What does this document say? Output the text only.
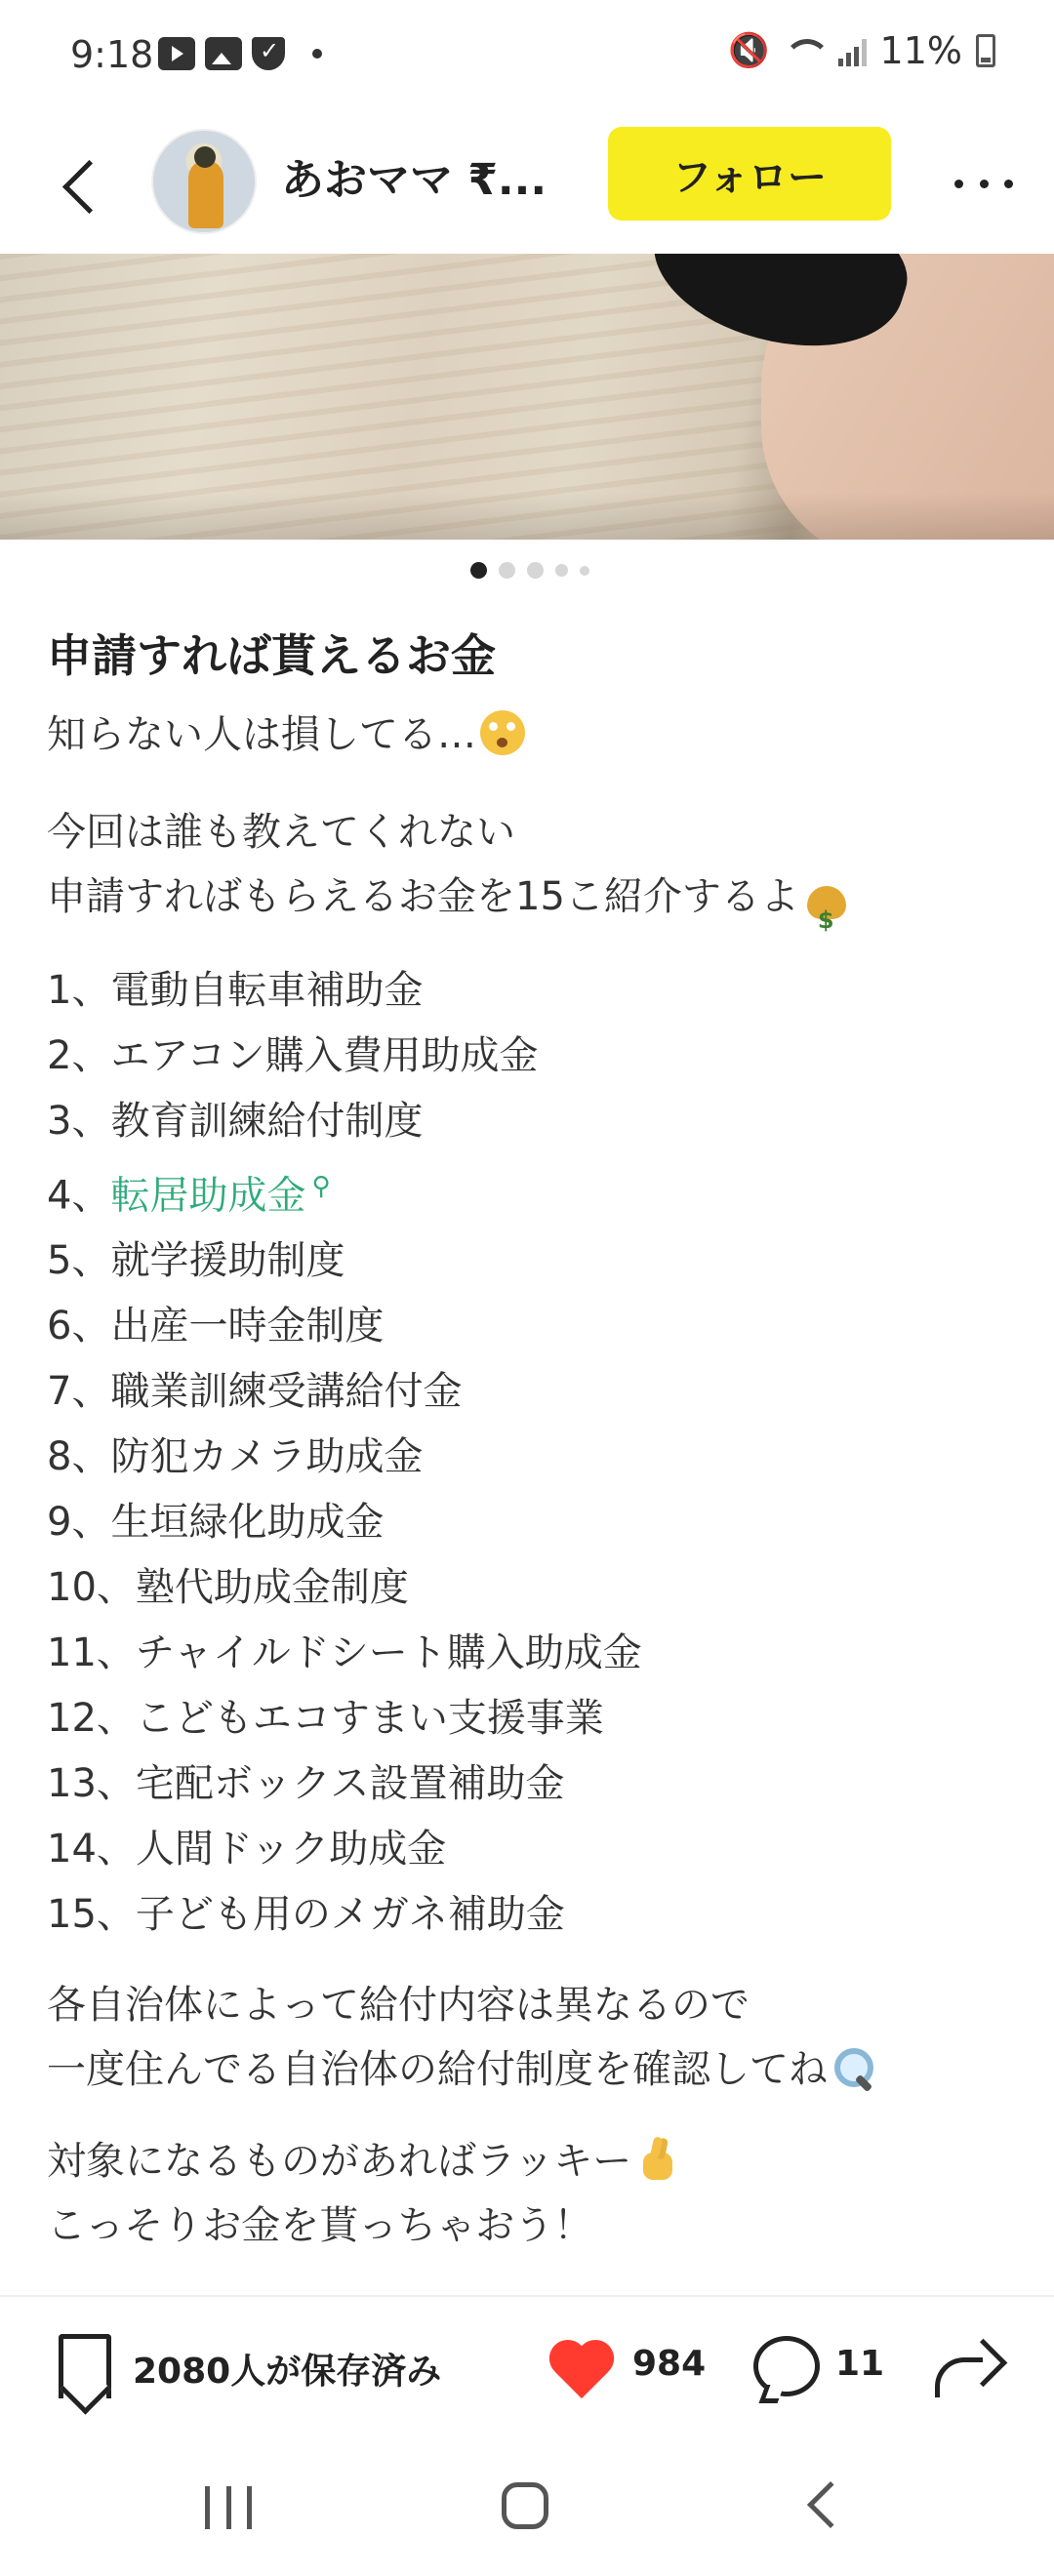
9:18
✓	🔇	11%
あおママ ₹...	フォロー
申請すれば貰えるお金
知らない人は損してる…
今回は誰も教えてくれない
申請すればもらえるお金を15こ紹介するよ$
1、電動自転車補助金
2、エアコン購入費用助成金
3、教育訓練給付制度
4、転居助成金 ⚲
5、就学援助制度
6、出産一時金制度
7、職業訓練受講給付金
8、防犯カメラ助成金
9、生垣緑化助成金
10、塾代助成金制度
11、チャイルドシート購入助成金
12、こどもエコすまい支援事業
13、宅配ボックス設置補助金
14、人間ドック助成金
15、子ども用のメガネ補助金
各自治体によって給付内容は異なるので
一度住んでる自治体の給付制度を確認してね
対象になるものがあればラッキー
こっそりお金を貰っちゃおう！
2080人が保存済み	984	11
